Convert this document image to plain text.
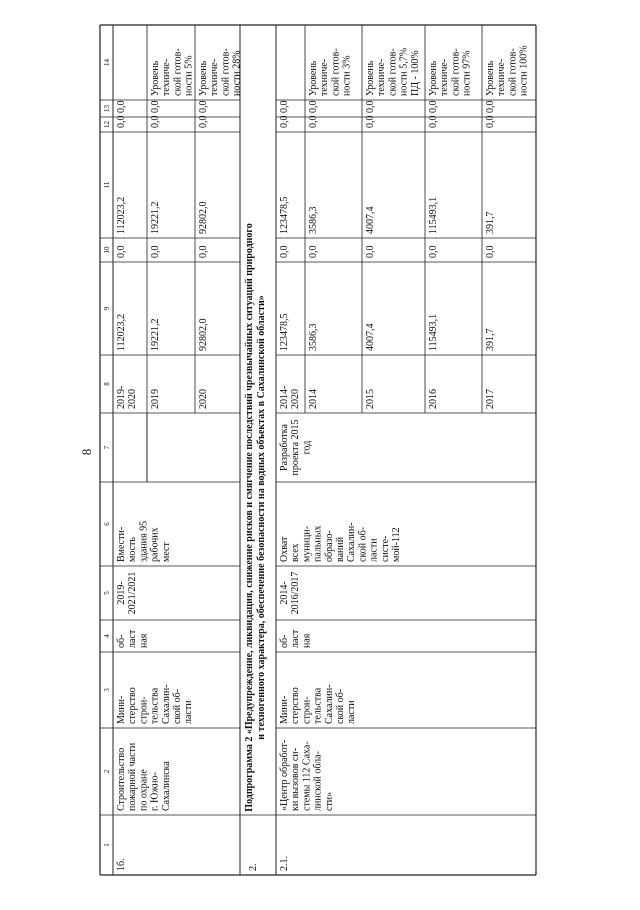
8
1
2
3
4
5
6
7
8
9
10
11
12
13
14
1б.
Строительство пожарной части по охране г. Южно- Сахалинска
Мини- стерство строи- тельства Сахалин- ской об- ласти
об- ласт ная
2019- 2021/2021
Вмести- мость здания 95 рабочих мест
2019- 2020
112023,2
0,0
112023,2
0,0
0,0
2019
19221,2
0,0
19221,2
0,0
0,0
Уровень техниче- ской готов- ности 5%
2020
92802,0
0,0
92802,0
0,0
0,0
Уровень техниче- ской готов- ности 28%
2.
Подпрограмма 2 «Предупреждение, ликвидация, снижение рисков и смягчение последствий чрезвычайных ситуаций природного и техногенного характера, обеспечение безопасности на водных объектах в Сахалинской области»
2.1.
«Центр обработ- ки вызовов си- стемы 112 Саха- линской обла- сти»
Мини- стерство строи- тельства Сахалин- ской об- ласти
об- ласт ная
2014- 2016/2017
Охват всех муници- пальных образо- ваний Сахалин- ской об- ласти систе- мой-112
Разработка проекта 2015 год
2014- 2020
123478,5
0,0
123478,5
0,0
0,0
2014
3586,3
0,0
3586,3
0,0
0,0
Уровень техниче- ской готов- ности 3%
2015
4007,4
0,0
4007,4
0,0
0,0
Уровень техниче- ской готов- ности 5,7% ПД - 100%
2016
115493,1
0,0
115493,1
0,0
0,0
Уровень техниче- ской готов- ности 97%
2017
391,7
0,0
391,7
0,0
0,0
Уровень техниче- ской готов- ности 100%
